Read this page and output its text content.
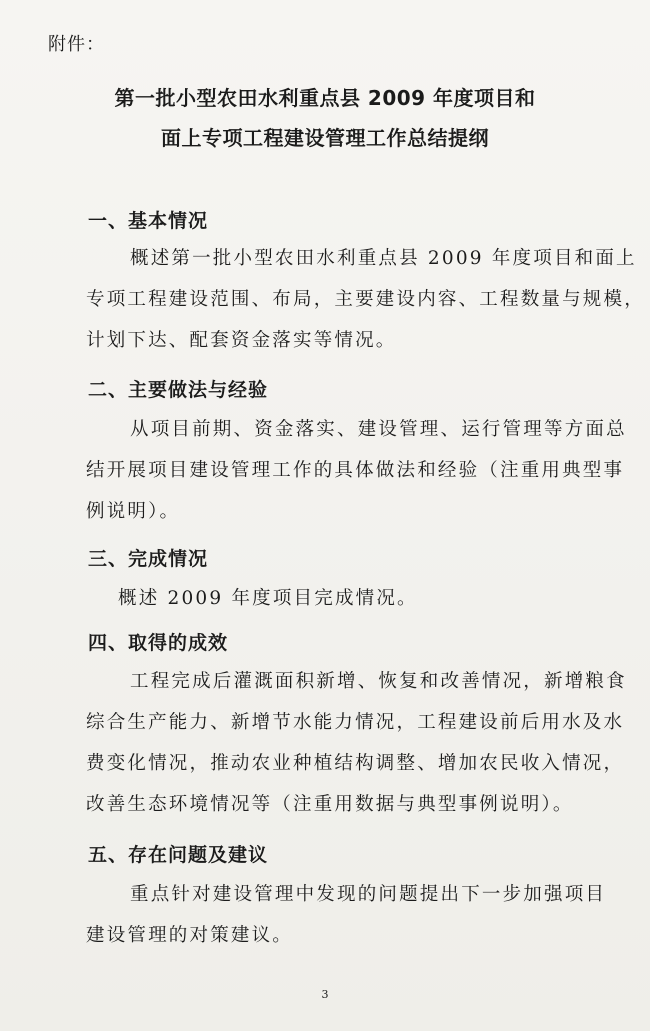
附件：
第一批小型农田水利重点县 2009 年度项目和
面上专项工程建设管理工作总结提纲
一、基本情况
概述第一批小型农田水利重点县 2009 年度项目和面上
专项工程建设范围、布局，主要建设内容、工程数量与规模，
计划下达、配套资金落实等情况。
二、主要做法与经验
从项目前期、资金落实、建设管理、运行管理等方面总
结开展项目建设管理工作的具体做法和经验（注重用典型事
例说明）。
三、完成情况
概述 2009 年度项目完成情况。
四、取得的成效
工程完成后灌溉面积新增、恢复和改善情况，新增粮食
综合生产能力、新增节水能力情况，工程建设前后用水及水
费变化情况，推动农业种植结构调整、增加农民收入情况，
改善生态环境情况等（注重用数据与典型事例说明）。
五、存在问题及建议
重点针对建设管理中发现的问题提出下一步加强项目
建设管理的对策建议。
3
